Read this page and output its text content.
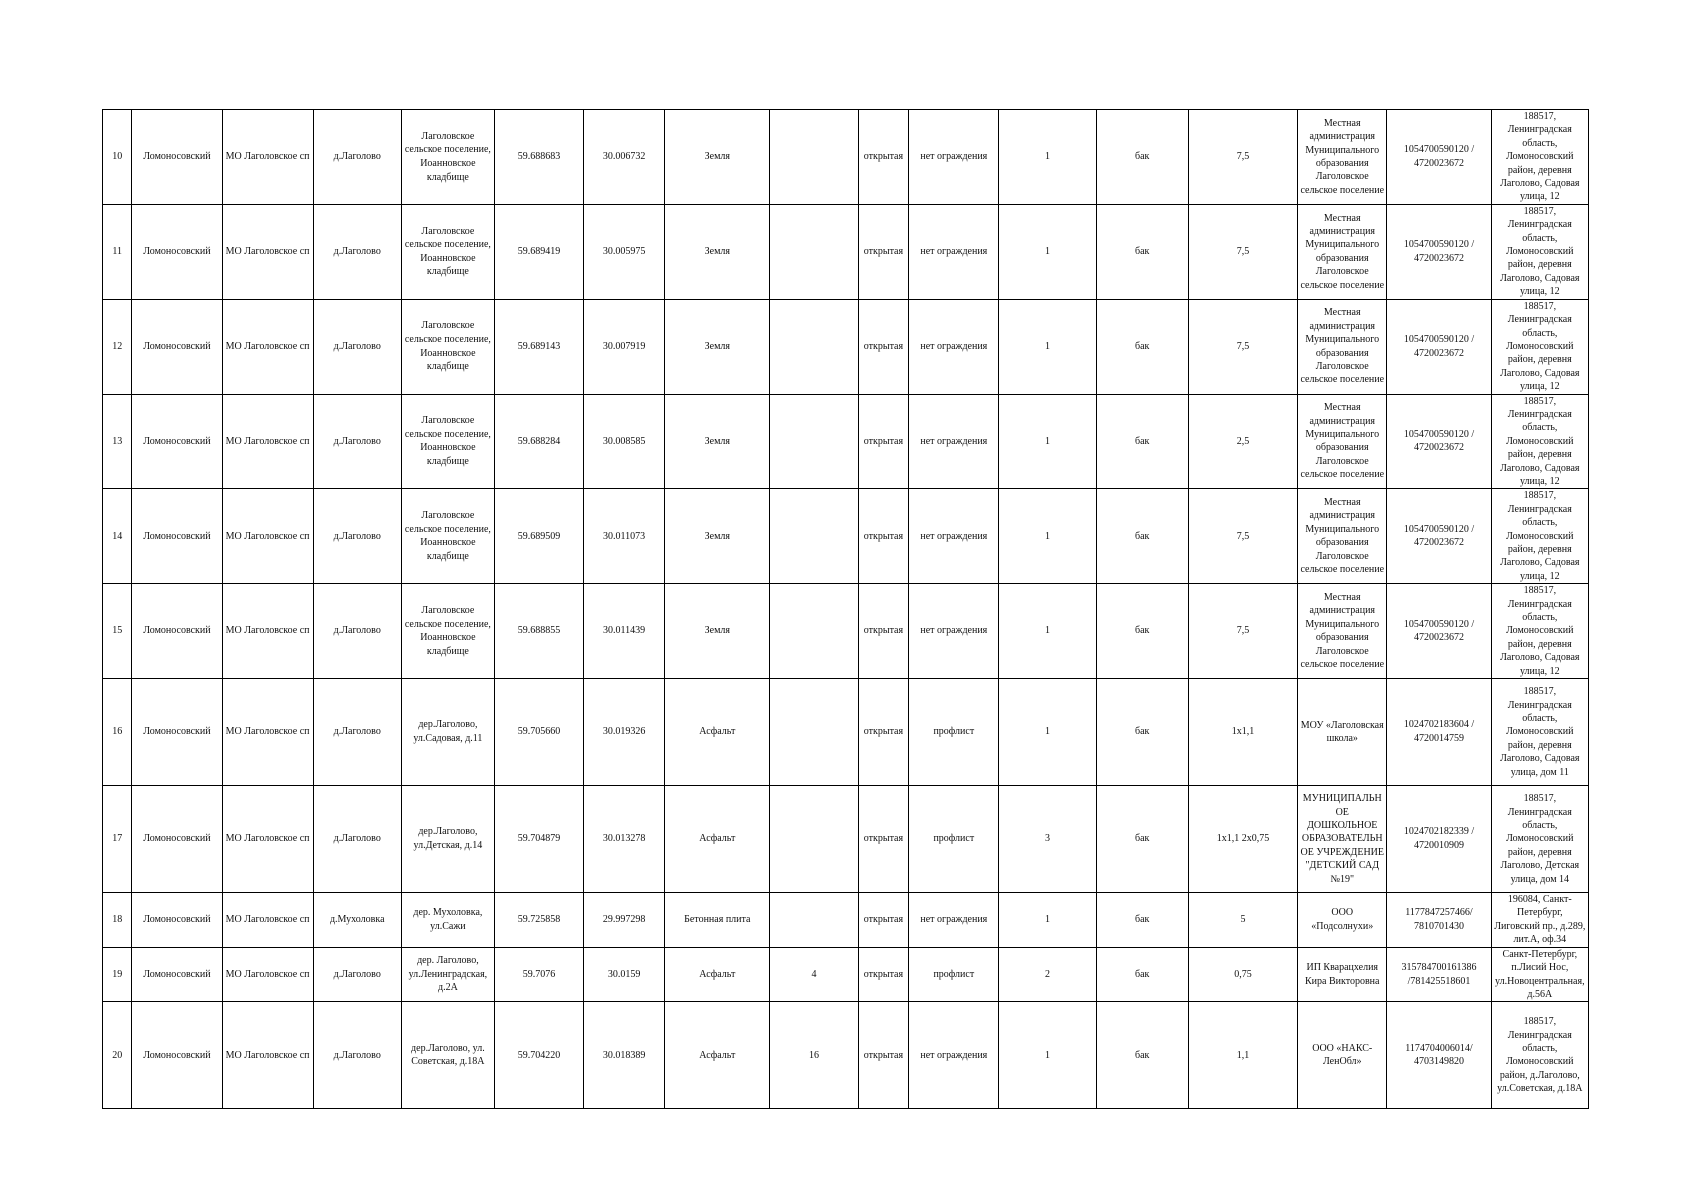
10	Ломоносовский	МО Лаголовское сп	д.Лаголово	Лаголовское сельское поселение, Иоанновское кладбище	59.688683	30.006732	Земля		открытая	нет ограждения	1	бак	7,5	Местная администрация Муниципального образования Лаголовское сельское поселение	1054700590120 / 4720023672	188517, Ленинградская область, Ломоносовский район, деревня Лаголово, Садовая улица, 12
11	Ломоносовский	МО Лаголовское сп	д.Лаголово	Лаголовское сельское поселение, Иоанновское кладбище	59.689419	30.005975	Земля		открытая	нет ограждения	1	бак	7,5	Местная администрация Муниципального образования Лаголовское сельское поселение	1054700590120 / 4720023672	188517, Ленинградская область, Ломоносовский район, деревня Лаголово, Садовая улица, 12
12	Ломоносовский	МО Лаголовское сп	д.Лаголово	Лаголовское сельское поселение, Иоанновское кладбище	59.689143	30.007919	Земля		открытая	нет ограждения	1	бак	7,5	Местная администрация Муниципального образования Лаголовское сельское поселение	1054700590120 / 4720023672	188517, Ленинградская область, Ломоносовский район, деревня Лаголово, Садовая улица, 12
13	Ломоносовский	МО Лаголовское сп	д.Лаголово	Лаголовское сельское поселение, Иоанновское кладбище	59.688284	30.008585	Земля		открытая	нет ограждения	1	бак	2,5	Местная администрация Муниципального образования Лаголовское сельское поселение	1054700590120 / 4720023672	188517, Ленинградская область, Ломоносовский район, деревня Лаголово, Садовая улица, 12
14	Ломоносовский	МО Лаголовское сп	д.Лаголово	Лаголовское сельское поселение, Иоанновское кладбище	59.689509	30.011073	Земля		открытая	нет ограждения	1	бак	7,5	Местная администрация Муниципального образования Лаголовское сельское поселение	1054700590120 / 4720023672	188517, Ленинградская область, Ломоносовский район, деревня Лаголово, Садовая улица, 12
15	Ломоносовский	МО Лаголовское сп	д.Лаголово	Лаголовское сельское поселение, Иоанновское кладбище	59.688855	30.011439	Земля		открытая	нет ограждения	1	бак	7,5	Местная администрация Муниципального образования Лаголовское сельское поселение	1054700590120 / 4720023672	188517, Ленинградская область, Ломоносовский район, деревня Лаголово, Садовая улица, 12
16	Ломоносовский	МО Лаголовское сп	д.Лаголово	дер.Лаголово, ул.Садовая, д.11	59.705660	30.019326	Асфальт		открытая	профлист	1	бак	1х1,1	МОУ «Лаголовская школа»	1024702183604 / 4720014759	188517, Ленинградская область, Ломоносовский район, деревня Лаголово, Садовая улица, дом 11
17	Ломоносовский	МО Лаголовское сп	д.Лаголово	дер.Лаголово, ул.Детская, д.14	59.704879	30.013278	Асфальт		открытая	профлист	3	бак	1х1,1 2х0,75	МУНИЦИПАЛЬНОЕ ДОШКОЛЬНОЕ ОБРАЗОВАТЕЛЬНОЕ УЧРЕЖДЕНИЕ "ДЕТСКИЙ САД №19"	1024702182339 / 4720010909	188517, Ленинградская область, Ломоносовский район, деревня Лаголово, Детская улица, дом 14
18	Ломоносовский	МО Лаголовское сп	д.Мухоловка	дер. Мухоловка, ул.Сажи	59.725858	29.997298	Бетонная плита		открытая	нет ограждения	1	бак	5	ООО «Подсолнухи»	1177847257466/ 7810701430	196084, Санкт-Петербург, Лиговский пр., д.289, лит.А, оф.34
19	Ломоносовский	МО Лаголовское сп	д.Лаголово	дер. Лаголово, ул.Ленинградская, д.2А	59.7076	30.0159	Асфальт	4	открытая	профлист	2	бак	0,75	ИП Кварацхелия Кира Викторовна	315784700161386 /781425518601	Санкт-Петербург, п.Лисий Нос, ул.Новоцентральная, д.56А
20	Ломоносовский	МО Лаголовское сп	д.Лаголово	дер.Лаголово, ул. Советская, д.18А	59.704220	30.018389	Асфальт	16	открытая	нет ограждения	1	бак	1,1	ООО «НАКС-ЛенОбл»	1174704006014/ 4703149820	188517, Ленинградская область, Ломоносовский район, д.Лаголово, ул.Советская, д.18А
